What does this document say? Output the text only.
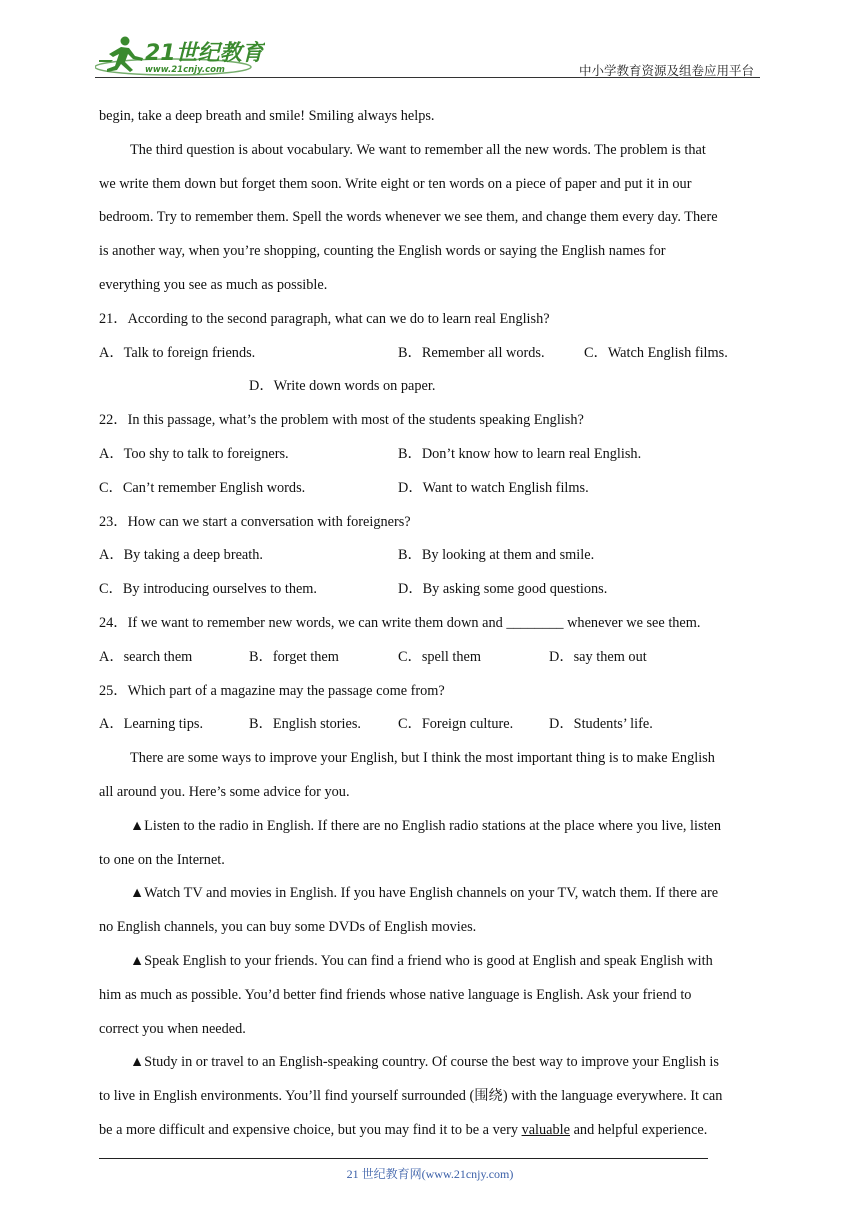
21世纪教育
www.21cnjy.com	中小学教育资源及组卷应用平台
begin, take a deep breath and smile! Smiling always helps.
The third question is about vocabulary. We want to remember all the new words. The problem is that
we write them down but forget them soon. Write eight or ten words on a piece of paper and put it in our
bedroom. Try to remember them. Spell the words whenever we see them, and change them every day. There
is another way, when you’re shopping, counting the English words or saying the English names for
everything you see as much as possible.
21．According to the second paragraph, what can we do to learn real English?
A．Talk to foreign friends.	B．Remember all words.	C．Watch English films.
D．Write down words on paper.
22．In this passage, what’s the problem with most of the students speaking English?
A．Too shy to talk to foreigners.	B．Don’t know how to learn real English.
C．Can’t remember English words.	D．Want to watch English films.
23．How can we start a conversation with foreigners?
A．By taking a deep breath.	B．By looking at them and smile.
C．By introducing ourselves to them.	D．By asking some good questions.
24．If we want to remember new words, we can write them down and ________ whenever we see them.
A．search them	B．forget them	C．spell them	D．say them out
25．Which part of a magazine may the passage come from?
A．Learning tips.	B．English stories.	C．Foreign culture.	D．Students’ life.
There are some ways to improve your English, but I think the most important thing is to make English
all around you. Here’s some advice for you.
▲Listen to the radio in English. If there are no English radio stations at the place where you live, listen
to one on the Internet.
▲Watch TV and movies in English. If you have English channels on your TV, watch them. If there are
no English channels, you can buy some DVDs of English movies.
▲Speak English to your friends. You can find a friend who is good at English and speak English with
him as much as possible. You’d better find friends whose native language is English. Ask your friend to
correct you when needed.
▲Study in or travel to an English-speaking country. Of course the best way to improve your English is
to live in English environments. You’ll find yourself surrounded (围绕) with the language everywhere. It can
be a more difficult and expensive choice, but you may find it to be a very valuable and helpful experience.
21 世纪教育网(www.21cnjy.com)
